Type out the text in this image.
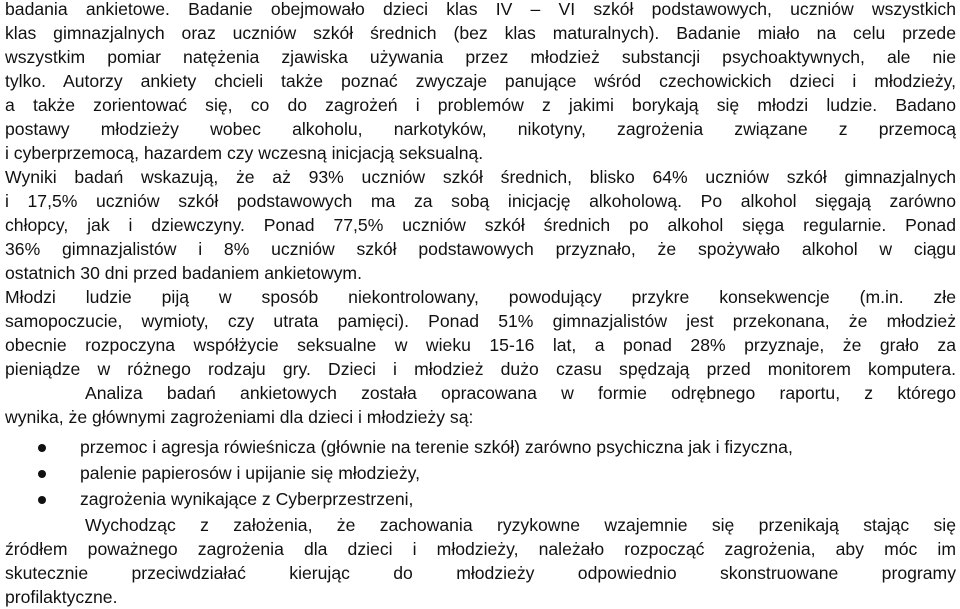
badania ankietowe. Badanie obejmowało dzieci klas IV – VI szkół podstawowych, uczniów wszystkich
klas gimnazjalnych oraz uczniów szkół średnich (bez klas maturalnych). Badanie miało na celu przede
wszystkim pomiar natężenia zjawiska używania przez młodzież substancji psychoaktywnych, ale nie
tylko. Autorzy ankiety chcieli także poznać zwyczaje panujące wśród czechowickich dzieci i młodzieży,
a także zorientować się, co do zagrożeń i problemów z jakimi borykają się młodzi ludzie. Badano
postawy młodzieży wobec alkoholu, narkotyków, nikotyny, zagrożenia związane z przemocą
i cyberprzemocą, hazardem czy wczesną inicjacją seksualną.
Wyniki badań wskazują, że aż 93% uczniów szkół średnich, blisko 64% uczniów szkół gimnazjalnych
i 17,5% uczniów szkół podstawowych ma za sobą inicjację alkoholową. Po alkohol sięgają zarówno
chłopcy, jak i dziewczyny. Ponad 77,5% uczniów szkół średnich po alkohol sięga regularnie. Ponad
36% gimnazjalistów i 8% uczniów szkół podstawowych przyznało, że spożywało alkohol w ciągu
ostatnich 30 dni przed badaniem ankietowym.
Młodzi ludzie piją w sposób niekontrolowany, powodujący przykre konsekwencje (m.in. złe
samopoczucie, wymioty, czy utrata pamięci). Ponad 51% gimnazjalistów jest przekonana, że młodzież
obecnie rozpoczyna współżycie seksualne w wieku 15-16 lat, a ponad 28% przyznaje, że grało za
pieniądze w różnego rodzaju gry. Dzieci i młodzież dużo czasu spędzają przed monitorem komputera.
Analiza badań ankietowych została opracowana w formie odrębnego raportu, z którego
wynika, że głównymi zagrożeniami dla dzieci i młodzieży są:
przemoc i agresja rówieśnicza (głównie na terenie szkół) zarówno psychiczna jak i fizyczna,
palenie papierosów i upijanie się młodzieży,
zagrożenia wynikające z Cyberprzestrzeni,
Wychodząc z założenia, że zachowania ryzykowne wzajemnie się przenikają stając się
źródłem poważnego zagrożenia dla dzieci i młodzieży, należało rozpocząć zagrożenia, aby móc im
skutecznie przeciwdziałać kierując do młodzieży odpowiednio skonstruowane programy
profilaktyczne.
